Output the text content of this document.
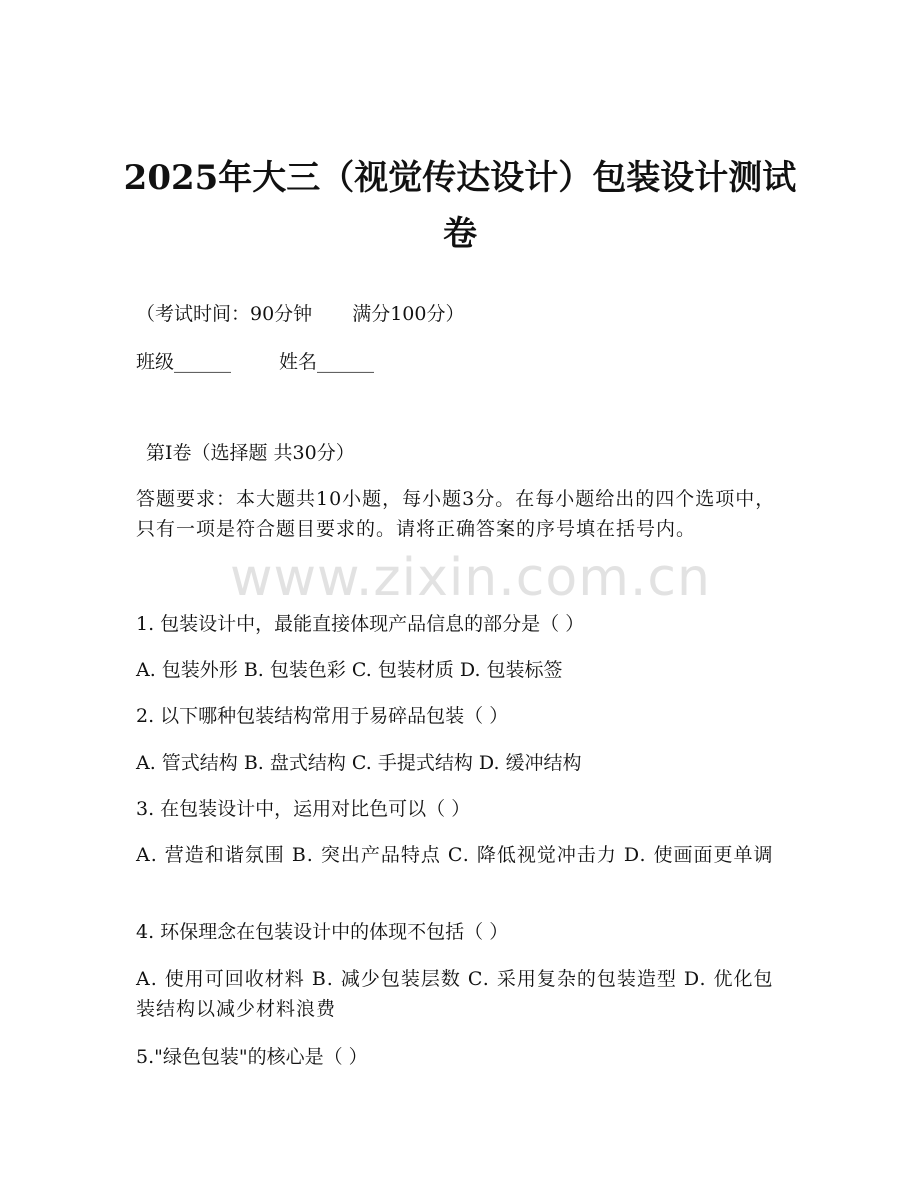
2025年大三（视觉传达设计）包装设计测试卷
（考试时间：90分钟 满分100分）
班级______	姓名______
第Ⅰ卷（选择题 共30分）
答题要求：本大题共10小题，每小题3分。在每小题给出的四个选项中，只有一项是符合题目要求的。请将正确答案的序号填在括号内。
www.zixin.com.cn
1. 包装设计中，最能直接体现产品信息的部分是（ ）
A. 包装外形 B. 包装色彩 C. 包装材质 D. 包装标签
2. 以下哪种包装结构常用于易碎品包装（ ）
A. 管式结构 B. 盘式结构 C. 手提式结构 D. 缓冲结构
3. 在包装设计中，运用对比色可以（ ）
A. 营造和谐氛围 B. 突出产品特点 C. 降低视觉冲击力 D. 使画面更单调
4. 环保理念在包装设计中的体现不包括（ ）
A. 使用可回收材料 B. 减少包装层数 C. 采用复杂的包装造型 D. 优化包装结构以减少材料浪费
5."绿色包装"的核心是（ ）
